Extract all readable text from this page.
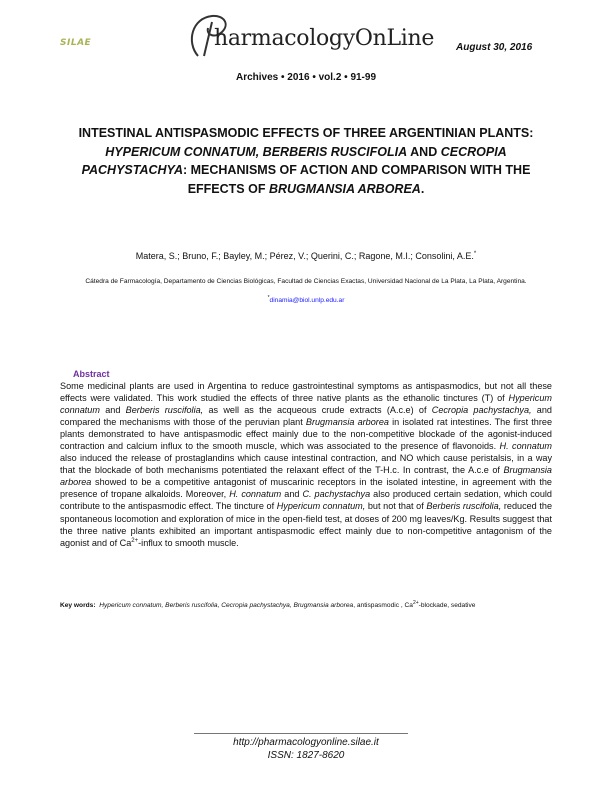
SILAE	harmacologyOnLine August 30, 2016
Archives • 2016 • vol.2 • 91-99
INTESTINAL ANTISPASMODIC EFFECTS OF THREE ARGENTINIAN PLANTS: HYPERICUM CONNATUM, BERBERIS RUSCIFOLIA AND CECROPIA PACHYSTACHYA: MECHANISMS OF ACTION AND COMPARISON WITH THE EFFECTS OF BRUGMANSIA ARBOREA.
Matera, S.; Bruno, F.; Bayley, M.; Pérez, V.; Querini, C.; Ragone, M.I.; Consolini, A.E.*
Cátedra de Farmacología, Departamento de Ciencias Biológicas, Facultad de Ciencias Exactas, Universidad Nacional de La Plata, La Plata, Argentina.
*dinamia@biol.unlp.edu.ar
Abstract
Some medicinal plants are used in Argentina to reduce gastrointestinal symptoms as antispasmodics, but not all these effects were validated. This work studied the effects of three native plants as the ethanolic tinctures (T) of Hypericum connatum and Berberis ruscifolia, as well as the acqueous crude extracts (A.c.e) of Cecropia pachystachya, and compared the mechanisms with those of the peruvian plant Brugmansia arborea in isolated rat intestines. The first three plants demonstrated to have antispasmodic effect mainly due to the non-competitive blockade of the agonist-induced contraction and calcium influx to the smooth muscle, which was associated to the presence of flavonoids. H. connatum also induced the release of prostaglandins which cause intestinal contraction, and NO which cause peristalsis, in a way that the blockade of both mechanisms potentiated the relaxant effect of the T-H.c. In contrast, the A.c.e of Brugmansia arborea showed to be a competitive antagonist of muscarinic receptors in the isolated intestine, in agreement with the presence of tropane alkaloids. Moreover, H. connatum and C. pachystachya also produced certain sedation, which could contribute to the antispasmodic effect. The tincture of Hypericum connatum, but not that of Berberis ruscifolia, reduced the spontaneous locomotion and exploration of mice in the open-field test, at doses of 200 mg leaves/Kg. Results suggest that the three native plants exhibited an important antispasmodic effect mainly due to non-competitive antagonism of the agonist and of $Ca^{2+}$-influx to smooth muscle.
Key words: Hypericum connatum, Berberis ruscifolia, Cecropia pachystachya, Brugmansia arborea, antispasmodic , $Ca^{2+}$-blockade, sedative
http://pharmacologyonline.silae.it
ISSN: 1827-8620
